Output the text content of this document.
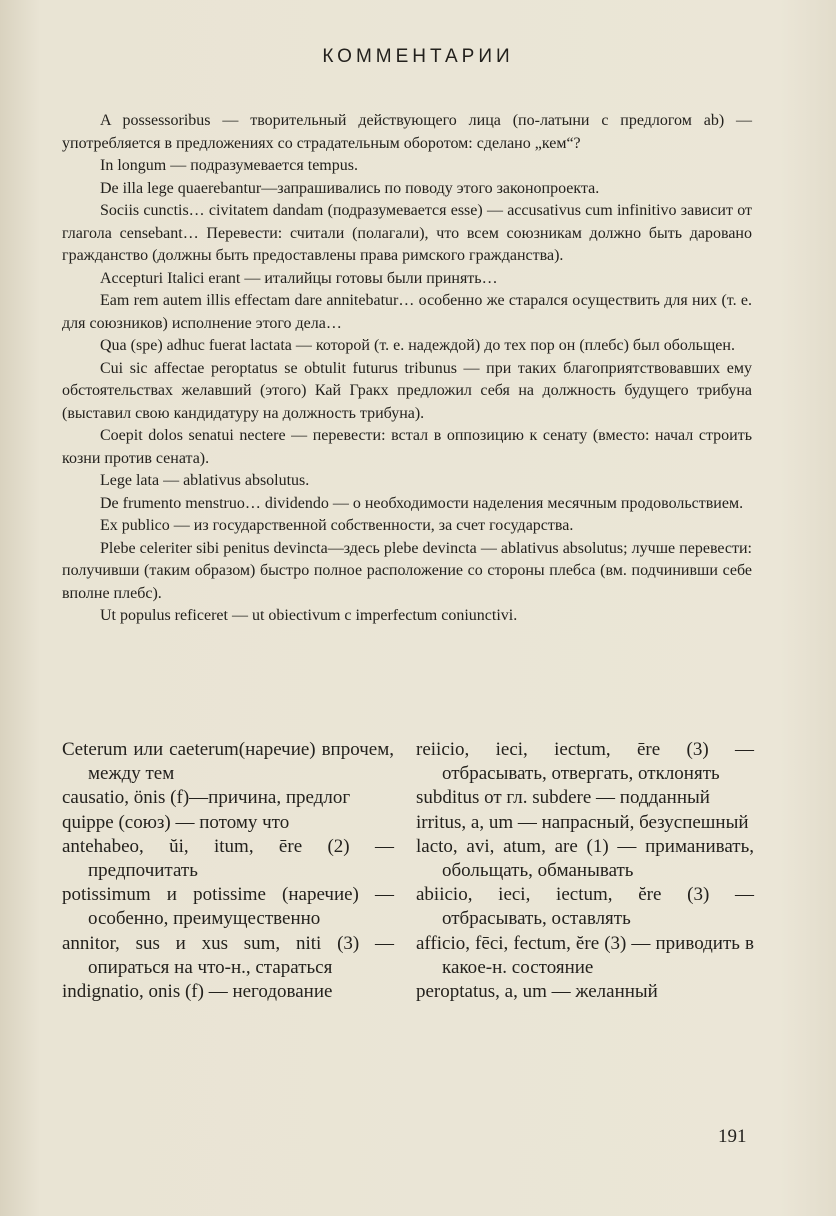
КОММЕНТАРИИ

A possessoribus — творительный действующего лица (по-латыни с предлогом ab) — употребляется в предложениях со страдательным оборотом: сделано „кем“?

In longum — подразумевается tempus.

De illa lege quaerebantur—запрашивались по поводу этого законопроекта.

Sociis cunctis… civitatem dandam (подразумевается esse) — accusativus cum infinitivo зависит от глагола censebant… Перевести: считали (полагали), что всем союзникам должно быть даровано гражданство (должны быть предоставлены права римского гражданства).

Accepturi Italici erant — италийцы готовы были принять…

Eam rem autem illis effectam dare annitebatur… особенно же старался осуществить для них (т. е. для союзников) исполнение этого дела…

Qua (spe) adhuc fuerat lactata — которой (т. е. надеждой) до тех пор он (плебс) был обольщен.

Cui sic affectae peroptatus se obtulit futurus tribunus — при таких благоприятствовавших ему обстоятельствах желавший (этого) Кай Гракх предложил себя на должность будущего трибуна (выставил свою кандидатуру на должность трибуна).

Coepit dolos senatui nectere — перевести: встал в оппозицию к сенату (вместо: начал строить козни против сената).

Lege lata — ablativus absolutus.

De frumento menstruo… dividendo — о необходимости наделения месячным продовольствием.

Ex publico — из государственной собственности, за счет государства.

Plebe celeriter sibi penitus devincta—здесь plebe devincta — ablativus absolutus; лучше перевести: получивши (таким образом) быстро полное расположение со стороны плебса (вм. подчинивши себе вполне плебс).

Ut populus reficeret — ut obiectivum с imperfectum coniunctivi.

Ceterum или caeterum(наречие) впрочем, между тем

causatio, önis (f)—причина, предлог

quippe (союз) — потому что

antehabeo, ŭi, itum, ēre (2) — предпочитать

potissimum и potissime (наречие) — особенно, преимущественно

annitor, sus и xus sum, niti (3) — опираться на что-н., стараться

indignatio, onis (f) — негодование

reiicio, ieci, iectum, ēre (3) — отбрасывать, отвергать, отклонять

subditus от гл. subdere — подданный

irritus, a, um — напрасный, безуспешный

lacto, avi, atum, are (1) — приманивать, обольщать, обманывать

abiicio, ieci, iectum, ĕre (3) — отбрасывать, оставлять

afficio, fēci, fectum, ĕre (3) — приводить в какое-н. состояние

peroptatus, a, um — желанный

191
